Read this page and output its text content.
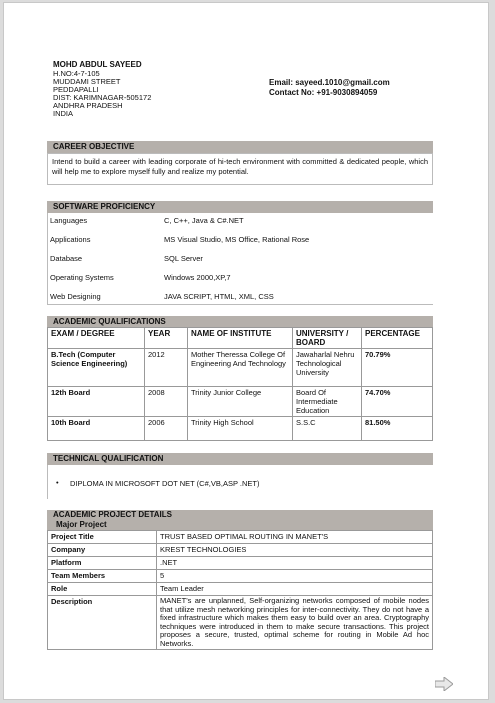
MOHD ABDUL SAYEED
H.NO:4-7-105
MUDDAMI STREET
PEDDAPALLI
DIST: KARIMNAGAR-505172
ANDHRA PRADESH
INDIA
Email: sayeed.1010@gmail.com
Contact No: +91-9030894059
CAREER OBJECTIVE
Intend to build a career with leading corporate of hi-tech environment with committed & dedicated people, which will help me to explore myself fully and realize my potential.
SOFTWARE PROFICIENCY
Languages	C, C++, Java & C#.NET
Applications	MS Visual Studio, MS Office, Rational Rose
Database	SQL Server
Operating Systems	Windows 2000,XP,7
Web Designing	JAVA SCRIPT, HTML, XML, CSS
ACADEMIC QUALIFICATIONS
EXAM / DEGREE	YEAR	NAME OF INSTITUTE	UNIVERSITY / BOARD	PERCENTAGE
B.Tech (Computer Science Engineering)	2012	Mother Theressa College Of Engineering And Technology	Jawaharlal Nehru Technological University	70.79%
12th Board	2008	Trinity Junior College	Board Of Intermediate Education	74.70%
10th Board	2006	Trinity High School	S.S.C	81.50%
TECHNICAL QUALIFICATION
• DIPLOMA IN MICROSOFT DOT NET (C#,VB,ASP .NET)
ACADEMIC PROJECT DETAILS
Major Project
Project Title	TRUST BASED OPTIMAL ROUTING IN MANET'S
Company	KREST TECHNOLOGIES
Platform	.NET
Team Members	5
Role	Team Leader
Description	MANET's are unplanned, Self-organizing networks composed of mobile nodes that utilize mesh networking principles for inter-connectivity. They do not have a fixed infrastructure which makes them easy to build over an area. Cryptography techniques were introduced in them to make secure transactions. This project proposes a secure, trusted, optimal scheme for routing in Mobile Ad hoc Networks.
